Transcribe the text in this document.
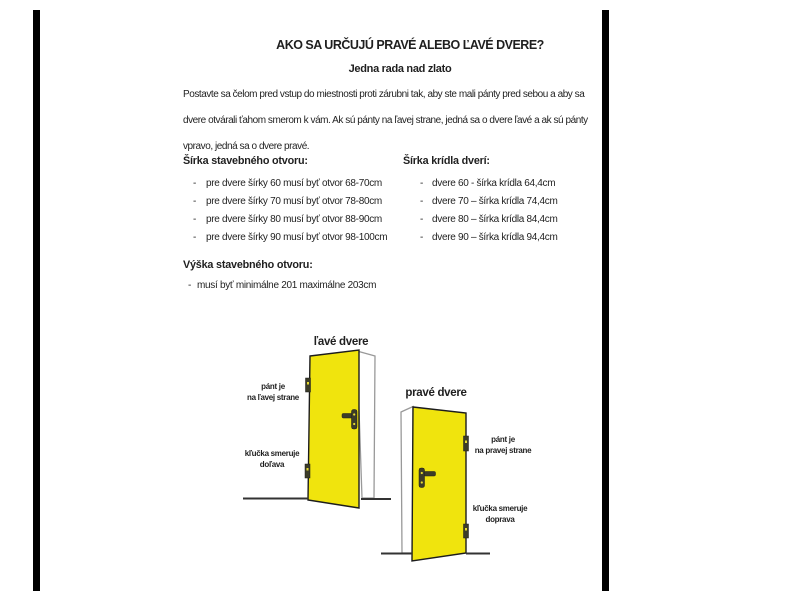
AKO SA URČUJÚ PRAVÉ ALEBO ĽAVÉ DVERE?
Jedna rada nad zlato
Postavte sa čelom pred vstup do miestnosti proti zárubni tak, aby ste mali pánty pred sebou a aby sa
dvere otvárali ťahom smerom k vám. Ak sú pánty na ľavej strane, jedná sa o dvere ľavé a ak sú pánty
vpravo, jedná sa o dvere pravé.
Šírka stavebného otvoru:
- pre dvere šírky 60 musí byť otvor 68-70cm
- pre dvere šírky 70 musí byť otvor 78-80cm
- pre dvere šírky 80 musí byť otvor 88-90cm
- pre dvere šírky 90 musí byť otvor 98-100cm
Šírka krídla dverí:
- dvere 60 - šírka krídla 64,4cm
- dvere 70 – šírka krídla 74,4cm
- dvere 80 – šírka krídla 84,4cm
- dvere 90 – šírka krídla 94,4cm
Výška stavebného otvoru:
- musí byť minimálne 201 maximálne 203cm
ľavé dvere
pravé dvere
pánt je
na ľavej strane
kľučka smeruje
doľava
pánt je
na pravej strane
kľučka smeruje
doprava
